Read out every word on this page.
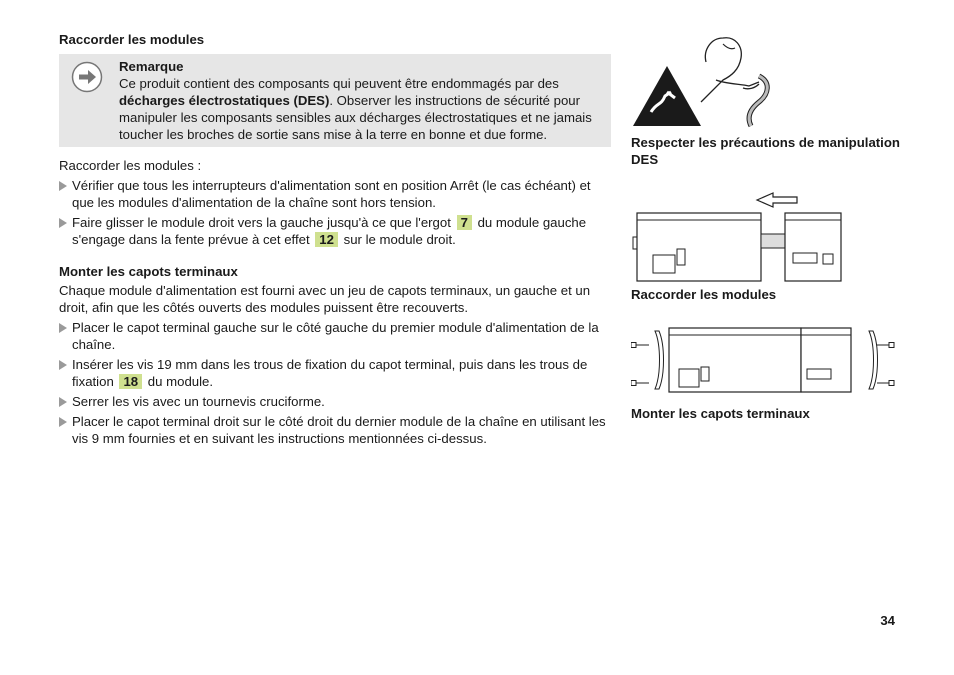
Raccorder les modules
Remarque

Ce produit contient des composants qui peuvent être endommagés par des décharges électrostatiques (DES). Observer les instructions de sécurité pour manipuler les composants sensibles aux décharges électrostatiques et ne jamais toucher les broches de sortie sans mise à la terre en bonne et due forme.

Raccorder les modules :

Vérifier que tous les interrupteurs d'alimentation sont en position Arrêt (le cas échéant) et que les modules d'alimentation de la chaîne sont hors tension.

Faire glisser le module droit vers la gauche jusqu'à ce que l'ergot 7 du module gauche s'engage dans la fente prévue à cet effet 12 sur le module droit.

Monter les capots terminaux

Chaque module d'alimentation est fourni avec un jeu de capots terminaux, un gauche et un droit, afin que les côtés ouverts des modules puissent être recouverts.

Placer le capot terminal gauche sur le côté gauche du premier module d'alimentation de la chaîne.

Insérer les vis 19 mm dans les trous de fixation du capot terminal, puis dans les trous de fixation 18 du module.

Serrer les vis avec un tournevis cruciforme.

Placer le capot terminal droit sur le côté droit du dernier module de la chaîne en utilisant les vis 9 mm fournies et en suivant les instructions mentionnées ci-dessus.

Respecter les précautions de manipulation DES
Raccorder les modules
Monter les capots terminaux
34
